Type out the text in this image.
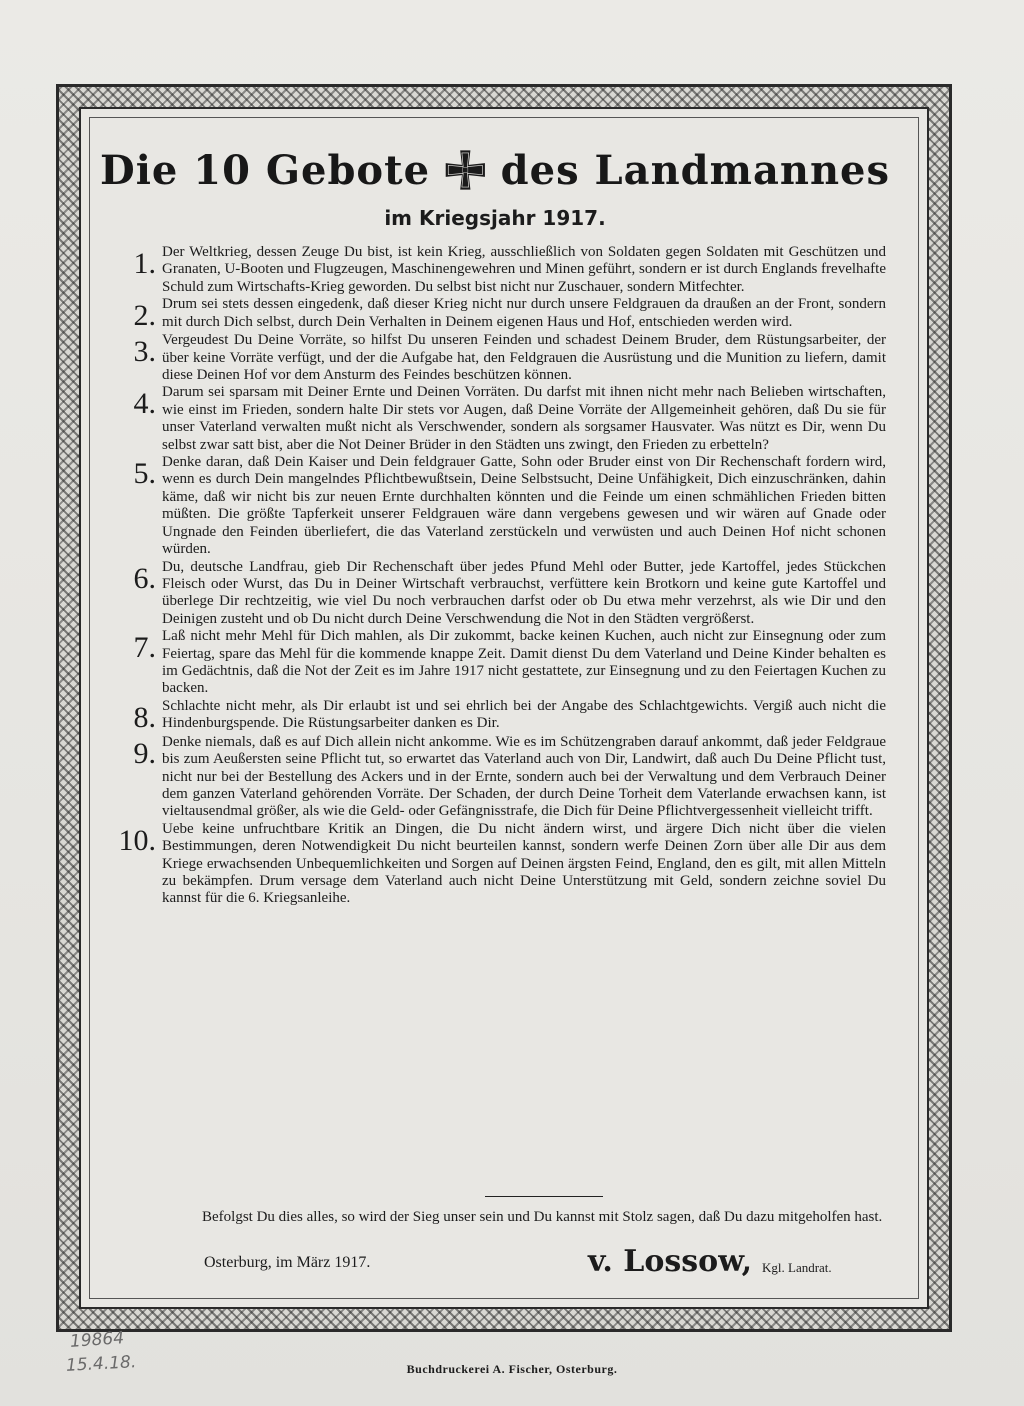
Die 10 Gebote des Landmannes
im Kriegsjahr 1917.
1. Der Weltkrieg, dessen Zeuge Du bist, ist kein Krieg, ausschließlich von Soldaten gegen Soldaten mit Geschützen und Granaten, U-Booten und Flugzeugen, Maschinengewehren und Minen geführt, sondern er ist durch Englands frevelhafte Schuld zum Wirtschafts-Krieg geworden. Du selbst bist nicht nur Zuschauer, sondern Mitfechter.
2. Drum sei stets dessen eingedenk, daß dieser Krieg nicht nur durch unsere Feldgrauen da draußen an der Front, sondern mit durch Dich selbst, durch Dein Verhalten in Deinem eigenen Haus und Hof, entschieden werden wird.
3. Vergeudest Du Deine Vorräte, so hilfst Du unseren Feinden und schadest Deinem Bruder, dem Rüstungsarbeiter, der über keine Vorräte verfügt, und der die Aufgabe hat, den Feldgrauen die Ausrüstung und die Munition zu liefern, damit diese Deinen Hof vor dem Ansturm des Feindes beschützen können.
4. Darum sei sparsam mit Deiner Ernte und Deinen Vorräten. Du darfst mit ihnen nicht mehr nach Belieben wirtschaften, wie einst im Frieden, sondern halte Dir stets vor Augen, daß Deine Vorräte der Allgemeinheit gehören, daß Du sie für unser Vaterland verwalten mußt nicht als Verschwender, sondern als sorgsamer Hausvater. Was nützt es Dir, wenn Du selbst zwar satt bist, aber die Not Deiner Brüder in den Städten uns zwingt, den Frieden zu erbetteln?
5. Denke daran, daß Dein Kaiser und Dein feldgrauer Gatte, Sohn oder Bruder einst von Dir Rechenschaft fordern wird, wenn es durch Dein mangelndes Pflichtbewußtsein, Deine Selbstsucht, Deine Unfähigkeit, Dich einzuschränken, dahin käme, daß wir nicht bis zur neuen Ernte durchhalten könnten und die Feinde um einen schmählichen Frieden bitten müßten. Die größte Tapferkeit unserer Feldgrauen wäre dann vergebens gewesen und wir wären auf Gnade oder Ungnade den Feinden überliefert, die das Vaterland zerstückeln und verwüsten und auch Deinen Hof nicht schonen würden.
6. Du, deutsche Landfrau, gieb Dir Rechenschaft über jedes Pfund Mehl oder Butter, jede Kartoffel, jedes Stückchen Fleisch oder Wurst, das Du in Deiner Wirtschaft verbrauchst, verfüttere kein Brotkorn und keine gute Kartoffel und überlege Dir rechtzeitig, wie viel Du noch verbrauchen darfst oder ob Du etwa mehr verzehrst, als wie Dir und den Deinigen zusteht und ob Du nicht durch Deine Verschwendung die Not in den Städten vergrößerst.
7. Laß nicht mehr Mehl für Dich mahlen, als Dir zukommt, backe keinen Kuchen, auch nicht zur Einsegnung oder zum Feiertag, spare das Mehl für die kommende knappe Zeit. Damit dienst Du dem Vaterland und Deine Kinder behalten es im Gedächtnis, daß die Not der Zeit es im Jahre 1917 nicht gestattete, zur Einsegnung und zu den Feiertagen Kuchen zu backen.
8. Schlachte nicht mehr, als Dir erlaubt ist und sei ehrlich bei der Angabe des Schlachtgewichts. Vergiß auch nicht die Hindenburgspende. Die Rüstungsarbeiter danken es Dir.
9. Denke niemals, daß es auf Dich allein nicht ankomme. Wie es im Schützengraben darauf ankommt, daß jeder Feldgraue bis zum Aeußersten seine Pflicht tut, so erwartet das Vaterland auch von Dir, Landwirt, daß auch Du Deine Pflicht tust, nicht nur bei der Bestellung des Ackers und in der Ernte, sondern auch bei der Verwaltung und dem Verbrauch Deiner dem ganzen Vaterland gehörenden Vorräte. Der Schaden, der durch Deine Torheit dem Vaterlande erwachsen kann, ist vieltausendmal größer, als wie die Geld- oder Gefängnisstrafe, die Dich für Deine Pflichtvergessenheit vielleicht trifft.
10. Uebe keine unfruchtbare Kritik an Dingen, die Du nicht ändern wirst, und ärgere Dich nicht über die vielen Bestimmungen, deren Notwendigkeit Du nicht beurteilen kannst, sondern werfe Deinen Zorn über alle Dir aus dem Kriege erwachsenden Unbequemlichkeiten und Sorgen auf Deinen ärgsten Feind, England, den es gilt, mit allen Mitteln zu bekämpfen. Drum versage dem Vaterland auch nicht Deine Unterstützung mit Geld, sondern zeichne soviel Du kannst für die 6. Kriegsanleihe.
Befolgst Du dies alles, so wird der Sieg unser sein und Du kannst mit Stolz sagen, daß Du dazu mitgeholfen hast.
Osterburg, im März 1917.	v. Lossow, Kgl. Landrat.
19864
15.4.18.	Buchdruckerei A. Fischer, Osterburg.
